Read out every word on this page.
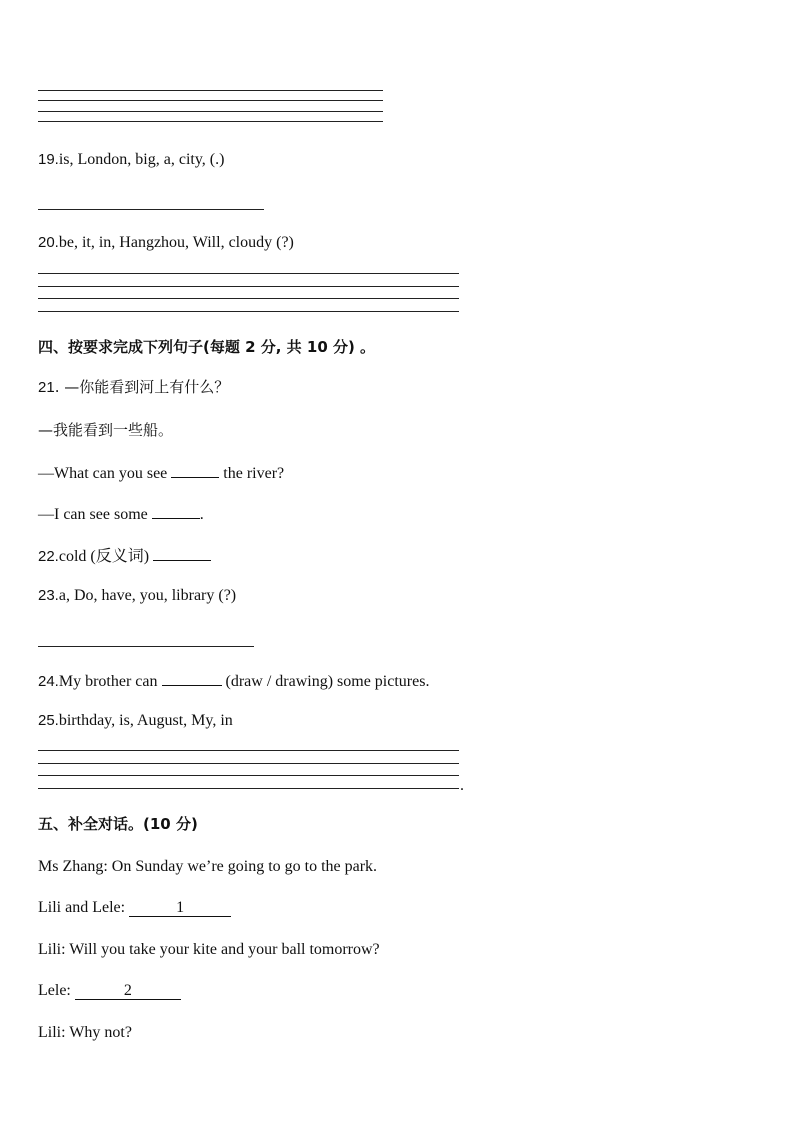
19.is, London, big, a, city, (.)
20.be, it, in, Hangzhou, Will, cloudy (?)
四、按要求完成下列句子(每题 2 分, 共 10 分) 。
21. —你能看到河上有什么？
—我能看到一些船。
—What can you see	the river?
—I can see some	.
22.cold (反义词)
23.a, Do, have, you, library (?)
24.My brother can	(draw / drawing) some pictures.
25.birthday, is, August, My, in
.
五、补全对话。(10 分)
Ms Zhang: On Sunday we’re going to go to the park.
Lili and Lele:	1
Lili: Will you take your kite and your ball tomorrow?
Lele:	2
Lili: Why not?
